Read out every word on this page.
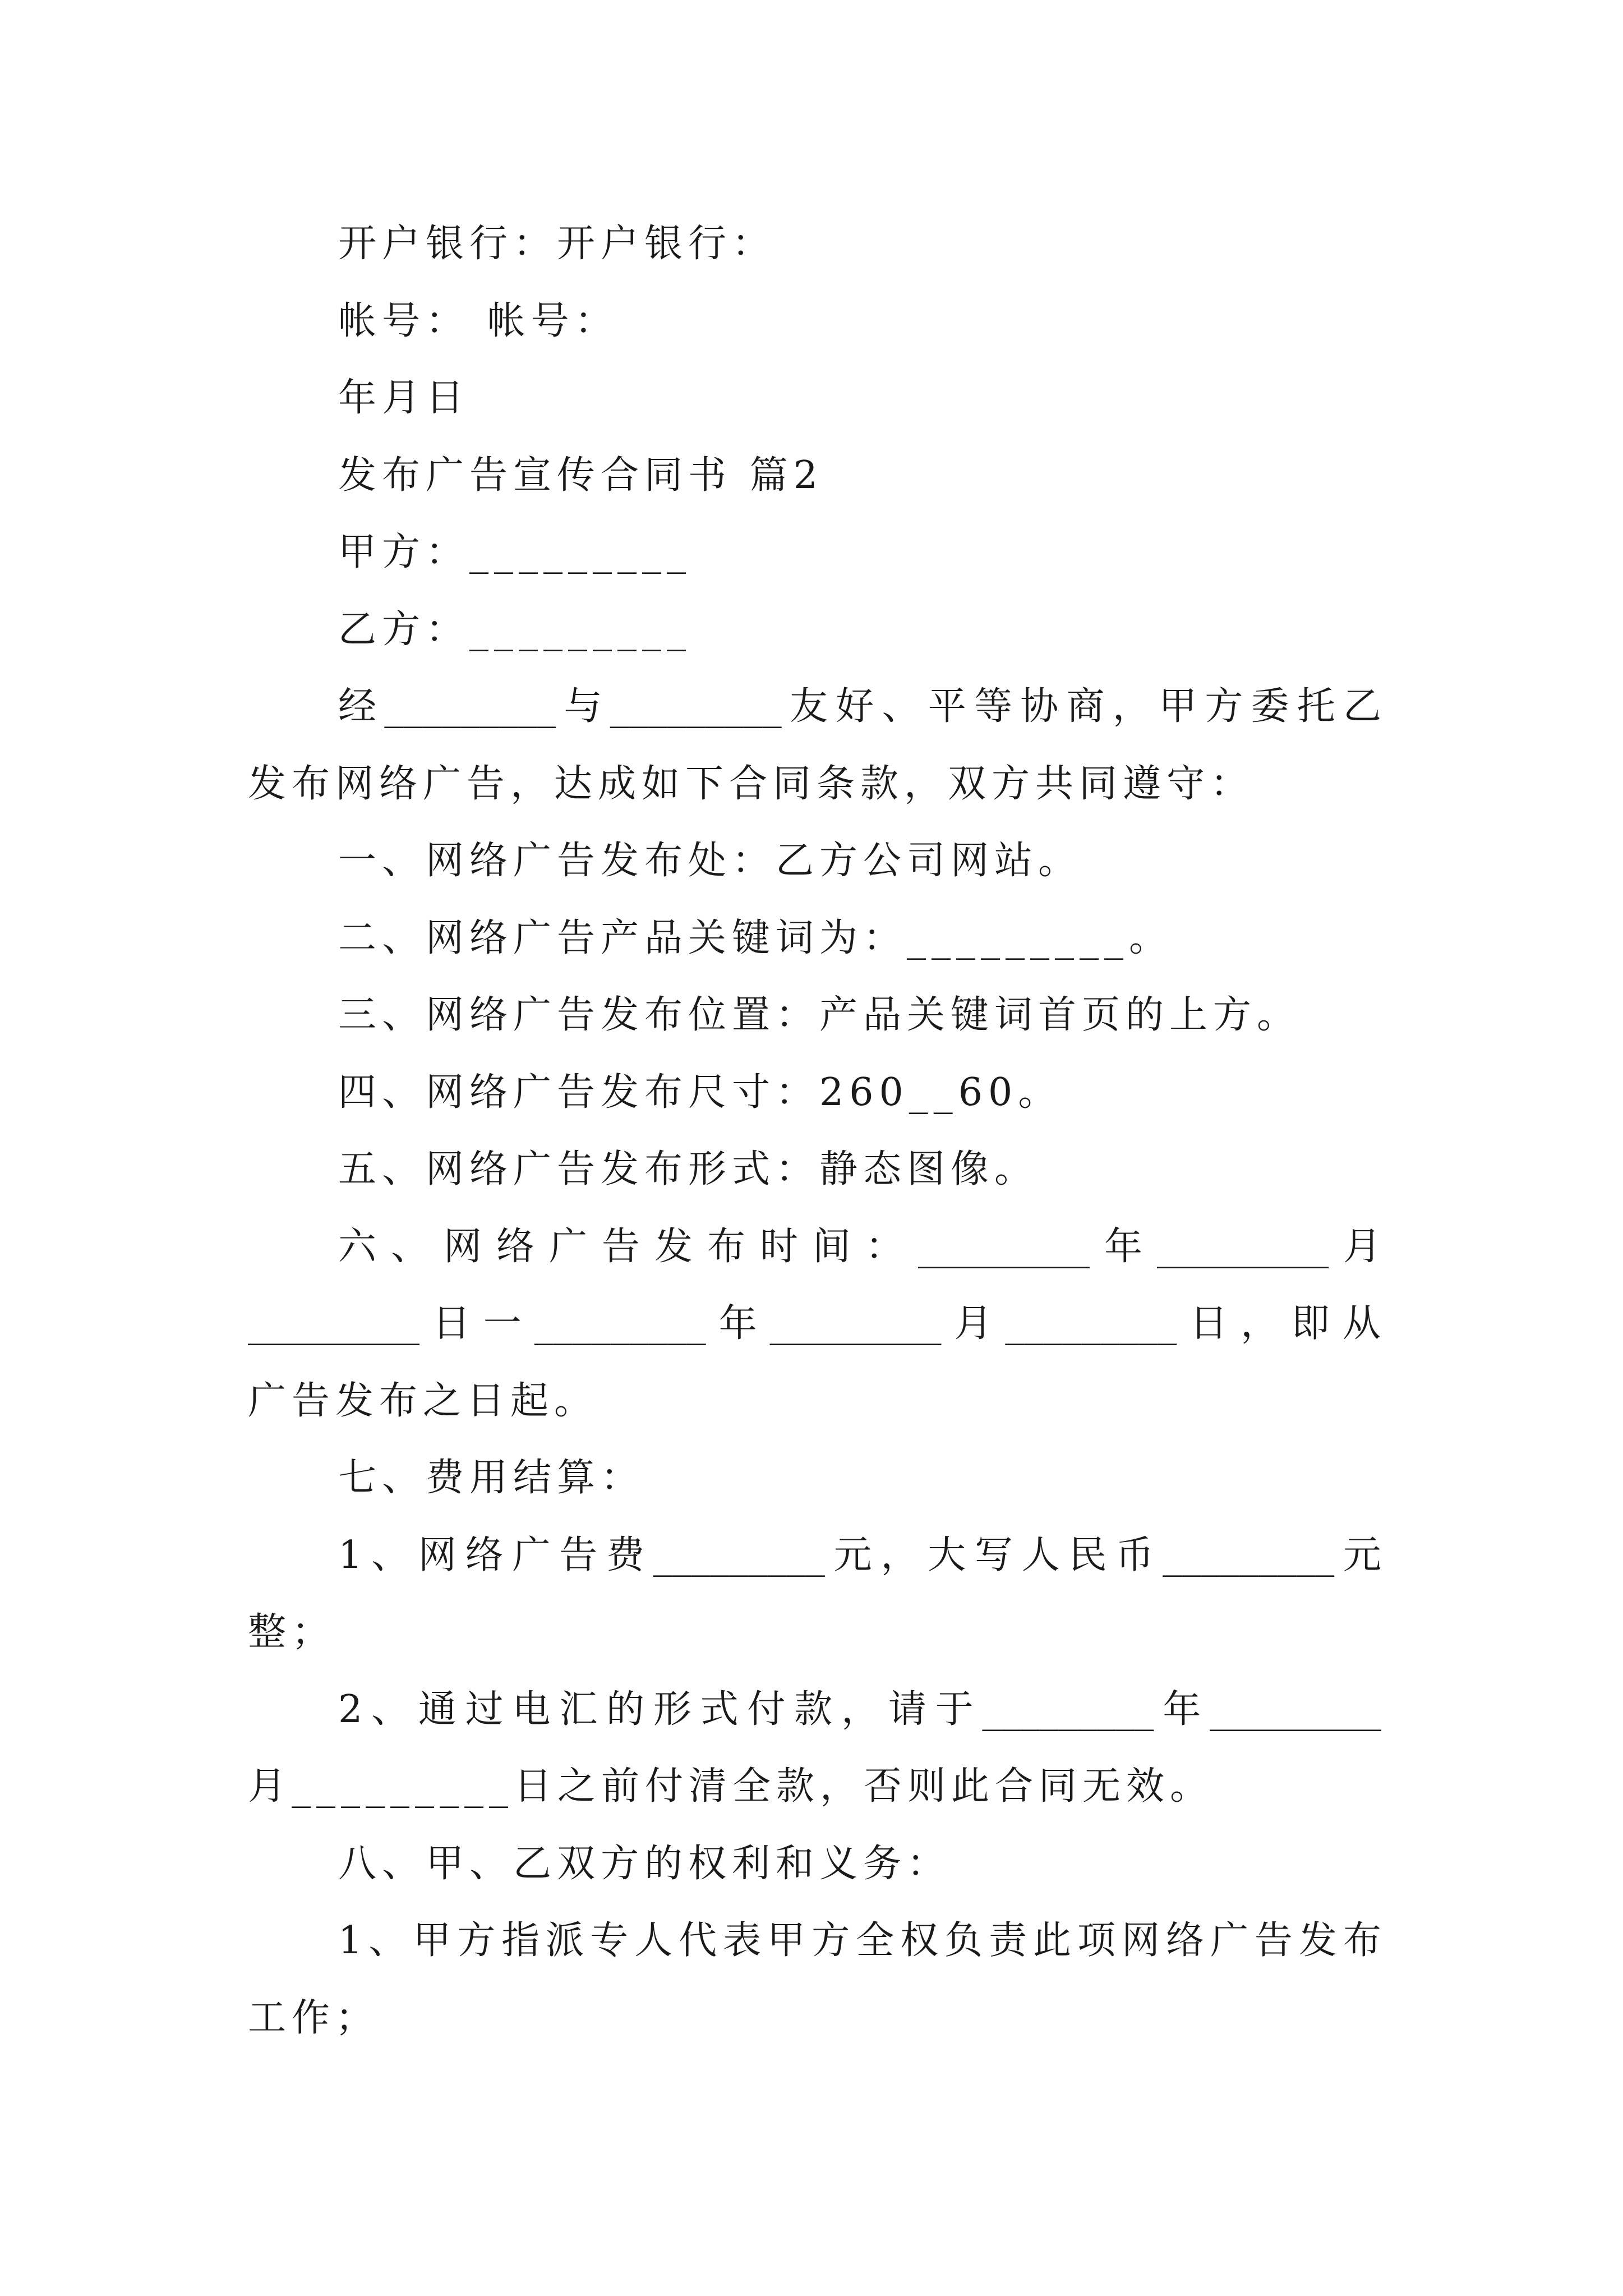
开户银行：开户银行：
帐号： 帐号：
年月日
发布广告宣传合同书 篇2
甲方：_________
乙方：_________
经 _________ 与 _________ 友 好 、 平 等 协 商 ， 甲 方 委 托 乙
发布网络广告，达成如下合同条款，双方共同遵守：
一、网络广告发布处：乙方公司网站。
二、网络广告产品关键词为：_________。
三、网络广告发布位置：产品关键词首页的上方。
四、网络广告发布尺寸：260__60。
五、网络广告发布形式：静态图像。
六 、 网 络 广 告 发 布 时 间 ： _________ 年 _________ 月
_________ 日 一 _________ 年 _________ 月 _________ 日 ， 即 从
广告发布之日起。
七、费用结算：
1 、 网 络 广 告 费 _________ 元 ， 大 写 人 民 币 _________ 元
整；
2 、 通 过 电 汇 的 形 式 付 款 ， 请 于 _________ 年 _________
月_________日之前付清全款，否则此合同无效。
八、甲、乙双方的权利和义务：
1 、 甲 方 指 派 专 人 代 表 甲 方 全 权 负 责 此 项 网 络 广 告 发 布
工作；
